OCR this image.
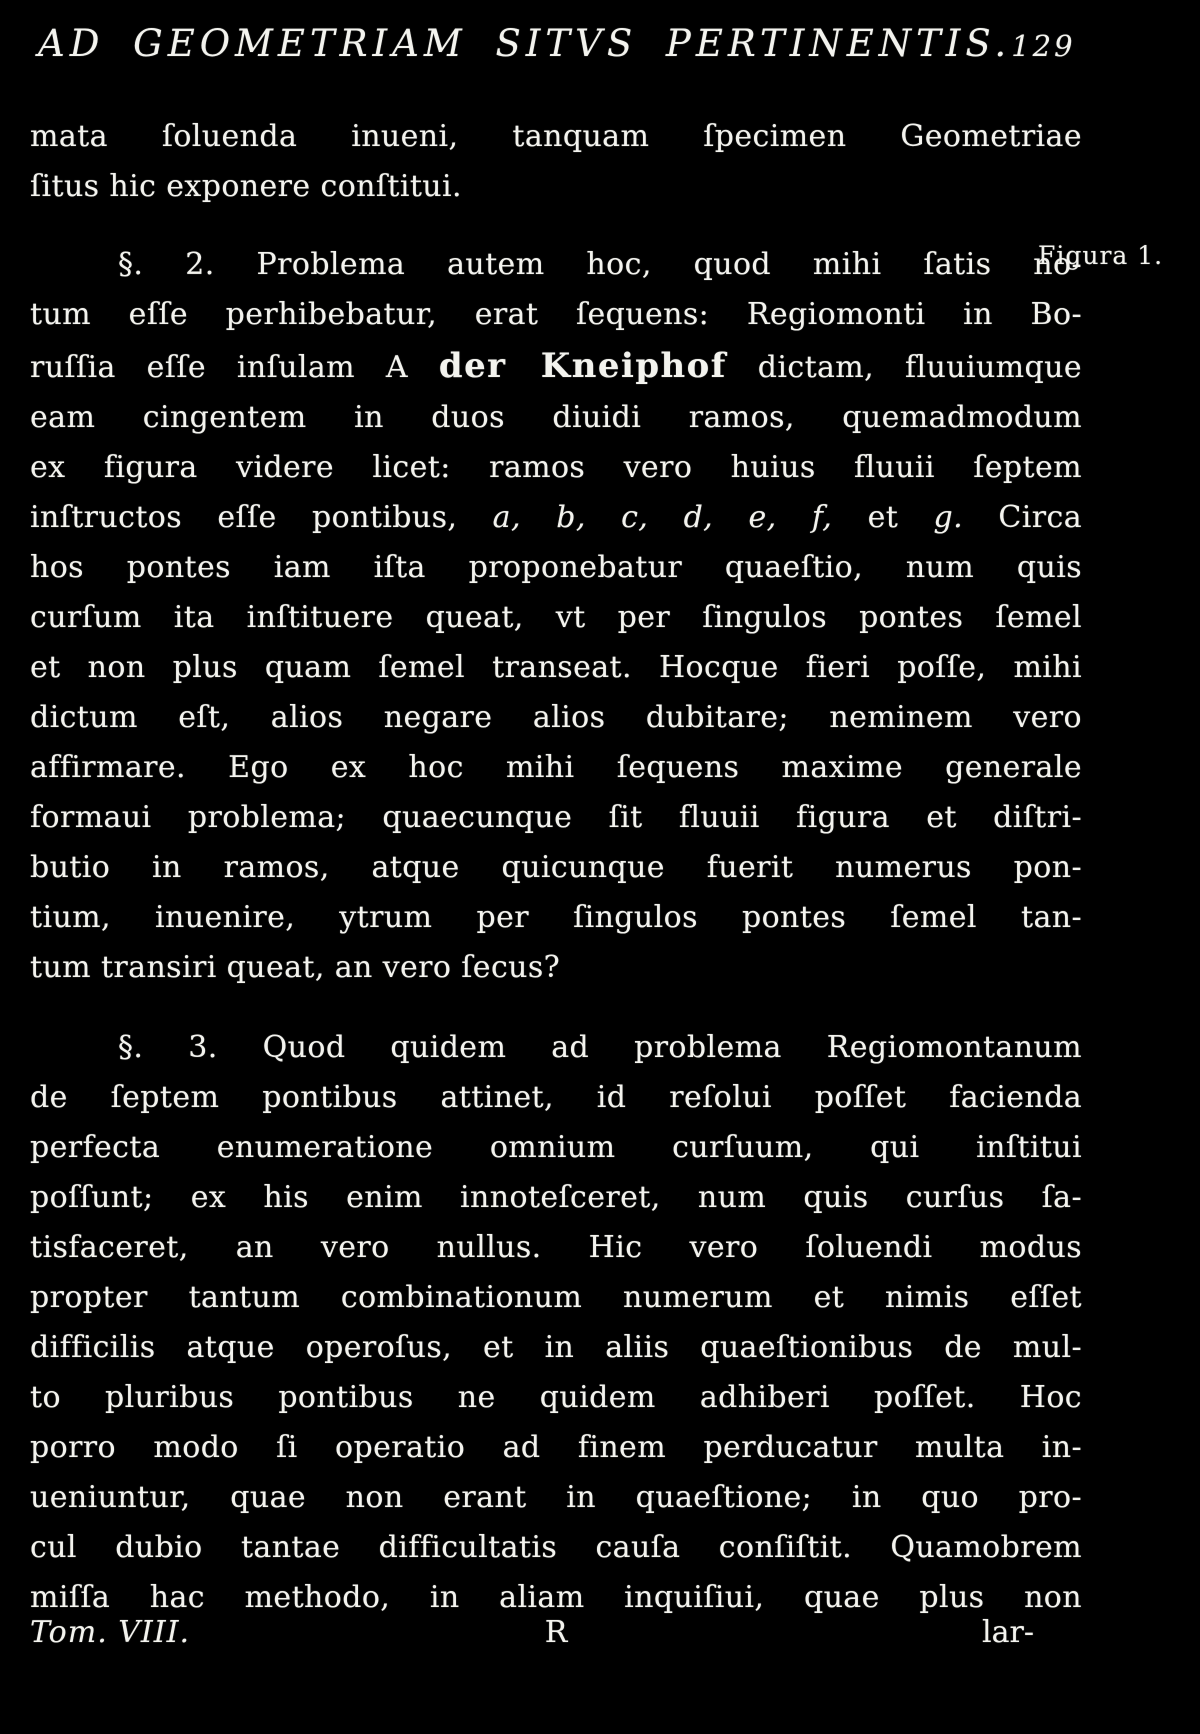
AD GEOMETRIAM SITVS PERTINENTIS. 129
Figura 1.
mata ſoluenda inueni, tanquam ſpecimen Geometriae
ſitus hic exponere conſtitui.
§. 2. Problema autem hoc, quod mihi ſatis no-
tum eſſe perhibebatur, erat ſequens: Regiomonti in Bo-
ruſſia eſſe inſulam A der Kneiphof dictam, fluuiumque
eam cingentem in duos diuidi ramos, quemadmodum
ex figura videre licet: ramos vero huius fluuii ſeptem
inſtructos eſſe pontibus, a, b, c, d, e, f, et g. Circa
hos pontes iam iſta proponebatur quaeſtio, num quis
curſum ita inſtituere queat, vt per ſingulos pontes ſemel
et non plus quam ſemel transeat. Hocque fieri poſſe, mihi
dictum eſt, alios negare alios dubitare; neminem vero
affirmare. Ego ex hoc mihi ſequens maxime generale
formaui problema; quaecunque ſit fluuii figura et diſtri-
butio in ramos, atque quicunque fuerit numerus pon-
tium, inuenire, ytrum per ſingulos pontes ſemel tan-
tum transiri queat, an vero ſecus?
§. 3. Quod quidem ad problema Regiomontanum
de ſeptem pontibus attinet, id reſolui poſſet facienda
perfecta enumeratione omnium curſuum, qui inſtitui
poſſunt; ex his enim innoteſceret, num quis curſus ſa-
tisfaceret, an vero nullus. Hic vero ſoluendi modus
propter tantum combinationum numerum et nimis eſſet
difficilis atque operoſus, et in aliis quaeſtionibus de mul-
to pluribus pontibus ne quidem adhiberi poſſet. Hoc
porro modo ſi operatio ad finem perducatur multa in-
ueniuntur, quae non erant in quaeſtione; in quo pro-
cul dubio tantae difficultatis cauſa conſiſtit. Quamobrem
miſſa hac methodo, in aliam inquiſiui, quae plus non
Tom. VIII.	R	lar-
